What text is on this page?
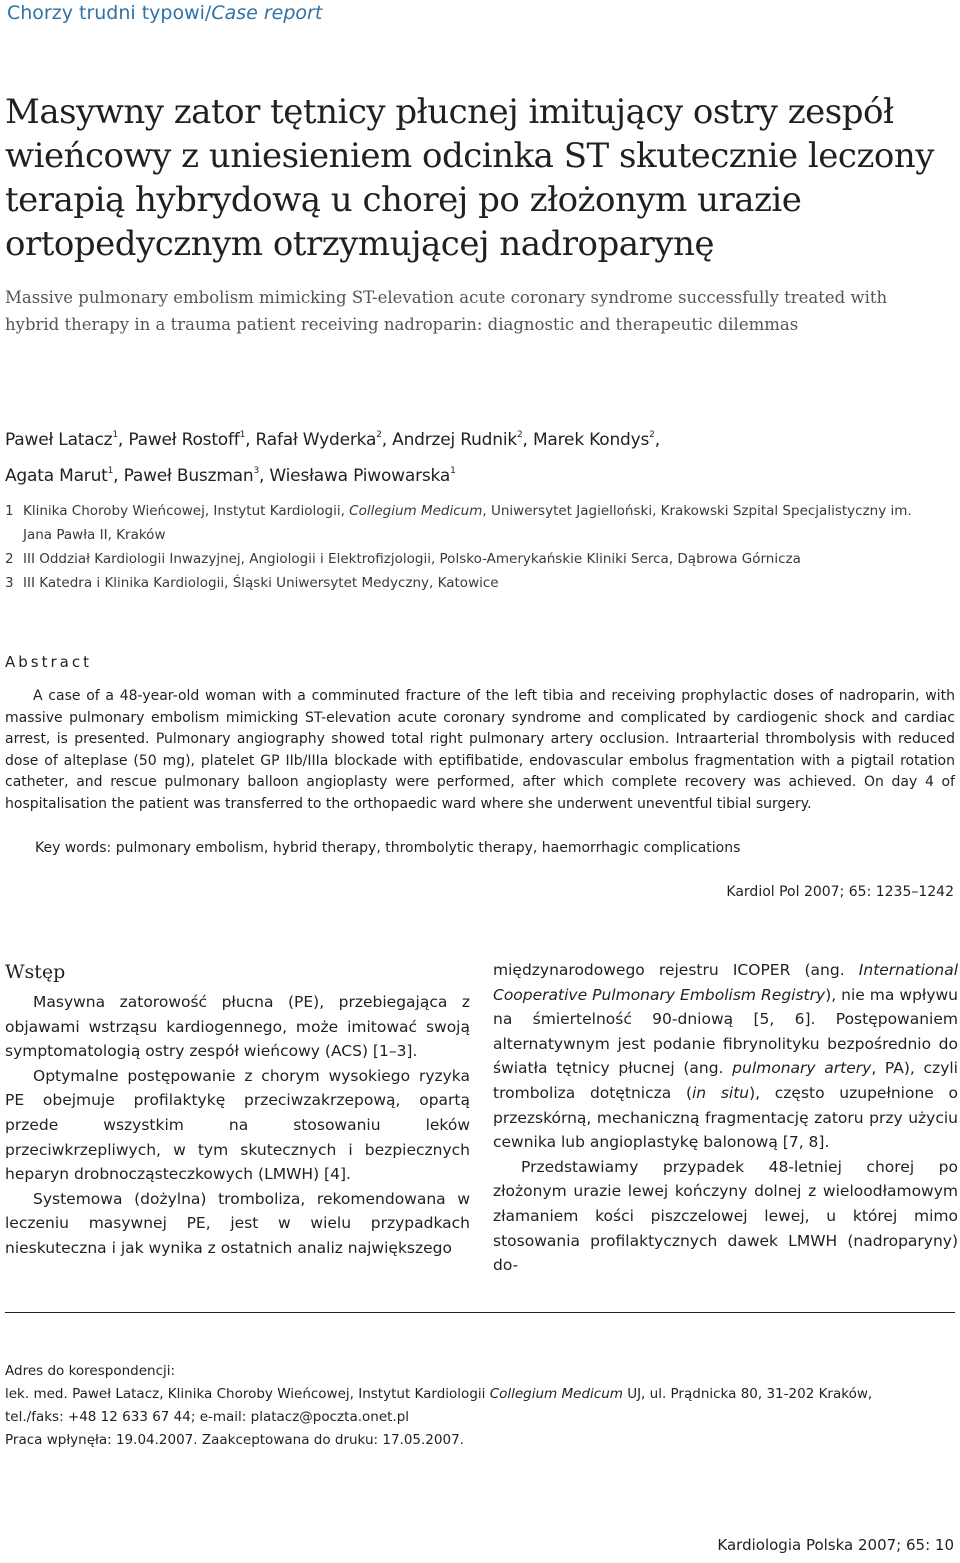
Chorzy trudni typowi/Case report
Masywny zator tętnicy płucnej imitujący ostry zespół wieńcowy z uniesieniem odcinka ST skutecznie leczony terapią hybrydową u chorej po złożonym urazie ortopedycznym otrzymującej nadroparynę
Massive pulmonary embolism mimicking ST-elevation acute coronary syndrome successfully treated with hybrid therapy in a trauma patient receiving nadroparin: diagnostic and therapeutic dilemmas
Paweł Latacz$^1$, Paweł Rostoff$^1$, Rafał Wyderka$^2$, Andrzej Rudnik$^2$, Marek Kondys$^2$,
Agata Marut$^1$, Paweł Buszman$^3$, Wiesława Piwowarska$^1$
1 Klinika Choroby Wieńcowej, Instytut Kardiologii, Collegium Medicum, Uniwersytet Jagielloński, Krakowski Szpital Specjalistyczny im. Jana Pawła II, Kraków
2 III Oddział Kardiologii Inwazyjnej, Angiologii i Elektrofizjologii, Polsko-Amerykańskie Kliniki Serca, Dąbrowa Górnicza
3 III Katedra i Klinika Kardiologii, Śląski Uniwersytet Medyczny, Katowice
Abstract

A case of a 48-year-old woman with a comminuted fracture of the left tibia and receiving prophylactic doses of nadroparin, with massive pulmonary embolism mimicking ST-elevation acute coronary syndrome and complicated by cardiogenic shock and cardiac arrest, is presented. Pulmonary angiography showed total right pulmonary artery occlusion. Intraarterial thrombolysis with reduced dose of alteplase (50 mg), platelet GP IIb/IIIa blockade with eptifibatide, endovascular embolus fragmentation with a pigtail rotation catheter, and rescue pulmonary balloon angioplasty were performed, after which complete recovery was achieved. On day 4 of hospitalisation the patient was transferred to the orthopaedic ward where she underwent uneventful tibial surgery.

Key words: pulmonary embolism, hybrid therapy, thrombolytic therapy, haemorrhagic complications
Kardiol Pol 2007; 65: 1235–1242
Wstęp

Masywna zatorowość płucna (PE), przebiegająca z objawami wstrząsu kardiogennego, może imitować swoją symptomatologią ostry zespół wieńcowy (ACS) [1–3].

Optymalne postępowanie z chorym wysokiego ryzyka PE obejmuje profilaktykę przeciwzakrzepową, opartą przede wszystkim na stosowaniu leków przeciwkrzepliwych, w tym skutecznych i bezpiecznych heparyn drobnocząsteczkowych (LMWH) [4].

Systemowa (dożylna) tromboliza, rekomendowana w leczeniu masywnej PE, jest w wielu przypadkach nieskuteczna i jak wynika z ostatnich analiz największego

międzynarodowego rejestru ICOPER (ang. International Cooperative Pulmonary Embolism Registry), nie ma wpływu na śmiertelność 90-dniową [5, 6]. Postępowaniem alternatywnym jest podanie fibrynolityku bezpośrednio do światła tętnicy płucnej (ang. pulmonary artery, PA), czyli tromboliza dotętnicza (in situ), często uzupełnione o przezskórną, mechaniczną fragmentację zatoru przy użyciu cewnika lub angioplastykę balonową [7, 8].

Przedstawiamy przypadek 48-letniej chorej po złożonym urazie lewej kończyny dolnej z wieloodłamowym złamaniem kości piszczelowej lewej, u której mimo stosowania profilaktycznych dawek LMWH (nadroparyny) do-

Adres do korespondencji:
lek. med. Paweł Latacz, Klinika Choroby Wieńcowej, Instytut Kardiologii Collegium Medicum UJ, ul. Prądnicka 80, 31-202 Kraków,
tel./faks: +48 12 633 67 44; e-mail: platacz@poczta.onet.pl
Praca wpłynęła: 19.04.2007. Zaakceptowana do druku: 17.05.2007.
Kardiologia Polska 2007; 65: 10
